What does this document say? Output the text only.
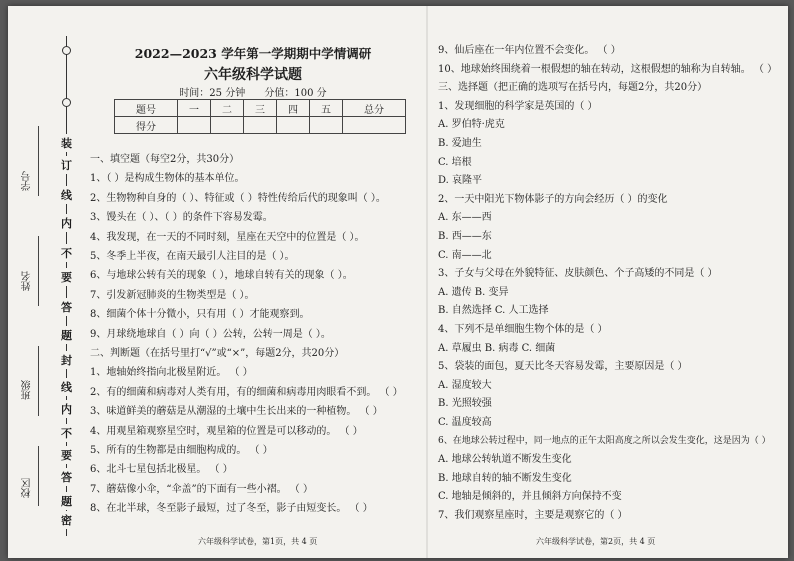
装
订
线
内
不
要
答
题
封
线
内
不
要
答
题
密
学号
姓名
班级
校区
2022—2023 学年第一学期期中学情调研
六年级科学试题
时间：25 分钟 分值：100 分
题号	一	二	三	四	五	总分
得分						
一、填空题（每空2分，共30分）
1、（ ）是构成生物体的基本单位。
2、生物物种自身的（ ）、特征或（ ）特性传给后代的现象叫（ ）。
3、馒头在（ ）、（ ）的条件下容易发霉。
4、我发现，在一天的不同时刻，星座在天空中的位置是（ ）。
5、冬季上半夜，在南天最引人注目的是（ ）。
6、与地球公转有关的现象（ ），地球自转有关的现象（ ）。
7、引发新冠肺炎的生物类型是（ ）。
8、细菌个体十分微小，只有用（ ）才能观察到。
9、月球绕地球自（ ）向（ ）公转，公转一周是（ ）。
二、判断题（在括号里打“√”或“×”，每题2分，共20分）
1、地轴始终指向北极星附近。 （ ）
2、有的细菌和病毒对人类有用，有的细菌和病毒用肉眼看不到。 （ ）
3、味道鲜美的蘑菇是从潮湿的土壤中生长出来的一种植物。 （ ）
4、用观星箱观察星空时，观星箱的位置是可以移动的。 （ ）
5、所有的生物都是由细胞构成的。 （ ）
6、北斗七星包括北极星。 （ ）
7、蘑菇像小伞，“伞盖”的下面有一些小褶。 （ ）
8、在北半球，冬至影子最短，过了冬至，影子由短变长。 （ ）
六年级科学试卷，第1页，共 4 页
9、仙后座在一年内位置不会变化。 （ ）
10、地球始终围绕着一根假想的轴在转动，这根假想的轴称为自转轴。 （ ）
三、选择题（把正确的选项写在括号内，每题2分，共20分）
1、发现细胞的科学家是英国的（ ）
A. 罗伯特·虎克
B. 爱迪生
C. 培根
D. 哀隆平
2、一天中阳光下物体影子的方向会经历（ ）的变化
A. 东——西
B. 西——东
C. 南——北
3、子女与父母在外貌特征、皮肤颜色、个子高矮的不同是（ ）
A. 遗传 B. 变异
B. 自然选择 C. 人工选择
4、下列不是单细胞生物个体的是（ ）
A. 草履虫 B. 病毒 C. 细菌
5、袋装的面包，夏天比冬天容易发霉，主要原因是（ ）
A. 湿度较大
B. 光照较强
C. 温度较高
6、在地球公转过程中，同一地点的正午太阳高度之所以会发生变化，这是因为（ ）
A. 地球公转轨道不断发生变化
B. 地球自转的轴不断发生变化
C. 地轴是倾斜的，并且倾斜方向保持不变
7、我们观察星座时，主要是观察它的（ ）
六年级科学试卷，第2页，共 4 页
